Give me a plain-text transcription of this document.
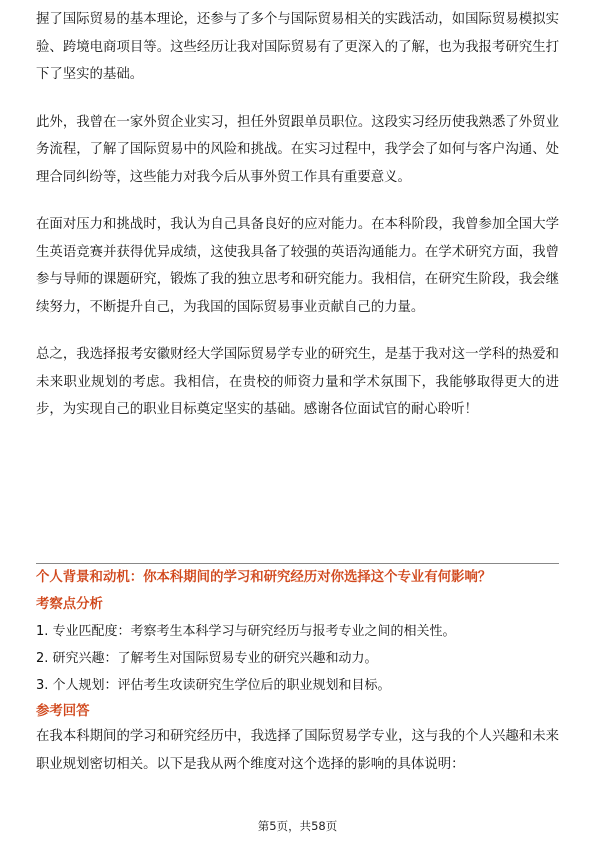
握了国际贸易的基本理论，还参与了多个与国际贸易相关的实践活动，如国际贸易模拟实验、跨境电商项目等。这些经历让我对国际贸易有了更深入的了解，也为我报考研究生打下了坚实的基础。

此外，我曾在一家外贸企业实习，担任外贸跟单员职位。这段实习经历使我熟悉了外贸业务流程，了解了国际贸易中的风险和挑战。在实习过程中，我学会了如何与客户沟通、处理合同纠纷等，这些能力对我今后从事外贸工作具有重要意义。

在面对压力和挑战时，我认为自己具备良好的应对能力。在本科阶段，我曾参加全国大学生英语竞赛并获得优异成绩，这使我具备了较强的英语沟通能力。在学术研究方面，我曾参与导师的课题研究，锻炼了我的独立思考和研究能力。我相信，在研究生阶段，我会继续努力，不断提升自己，为我国的国际贸易事业贡献自己的力量。

总之，我选择报考安徽财经大学国际贸易学专业的研究生，是基于我对这一学科的热爱和未来职业规划的考虑。我相信，在贵校的师资力量和学术氛围下，我能够取得更大的进步，为实现自己的职业目标奠定坚实的基础。感谢各位面试官的耐心聆听！

个人背景和动机：你本科期间的学习和研究经历对你选择这个专业有何影响？

考察点分析

1. 专业匹配度：考察考生本科学习与研究经历与报考专业之间的相关性。
2. 研究兴趣：了解考生对国际贸易专业的研究兴趣和动力。
3. 个人规划：评估考生攻读研究生学位后的职业规划和目标。

参考回答

在我本科期间的学习和研究经历中，我选择了国际贸易学专业，这与我的个人兴趣和未来职业规划密切相关。以下是我从两个维度对这个选择的影响的具体说明：

第5页，共58页
